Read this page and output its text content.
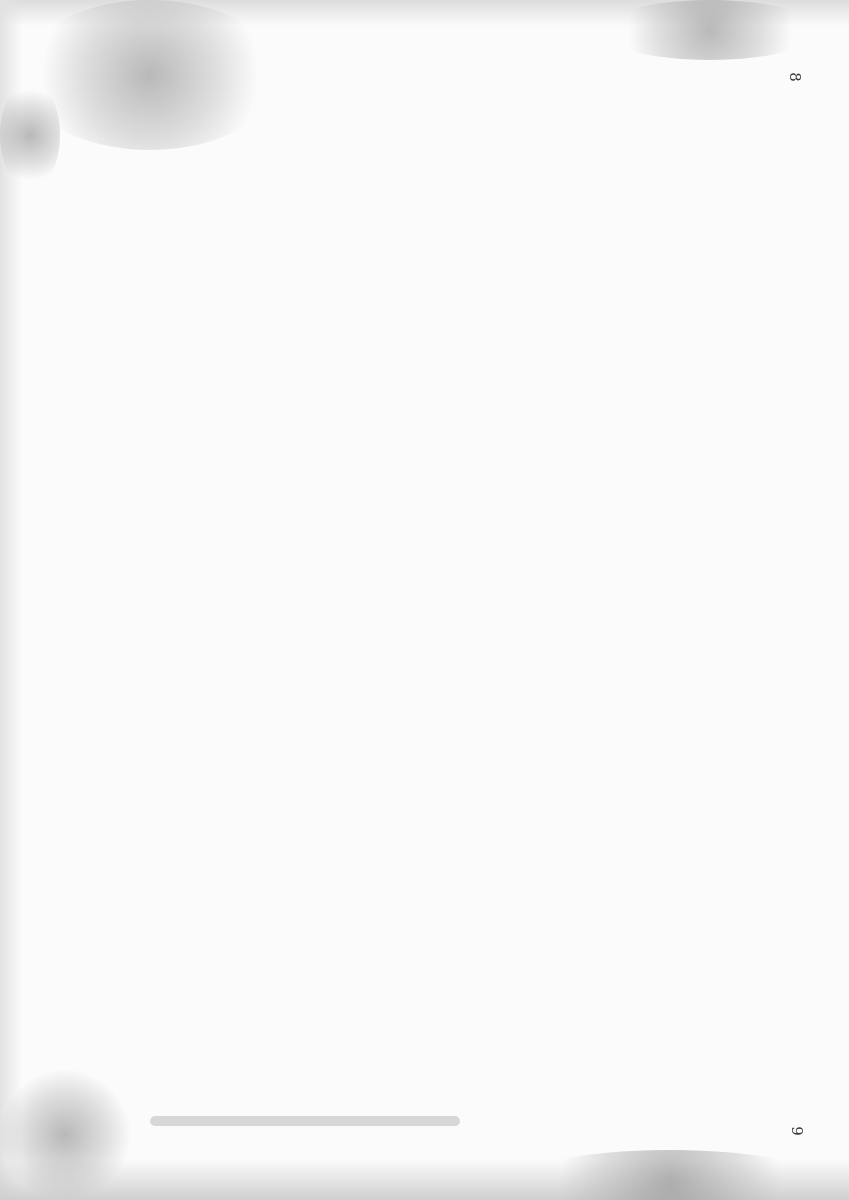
8
9
